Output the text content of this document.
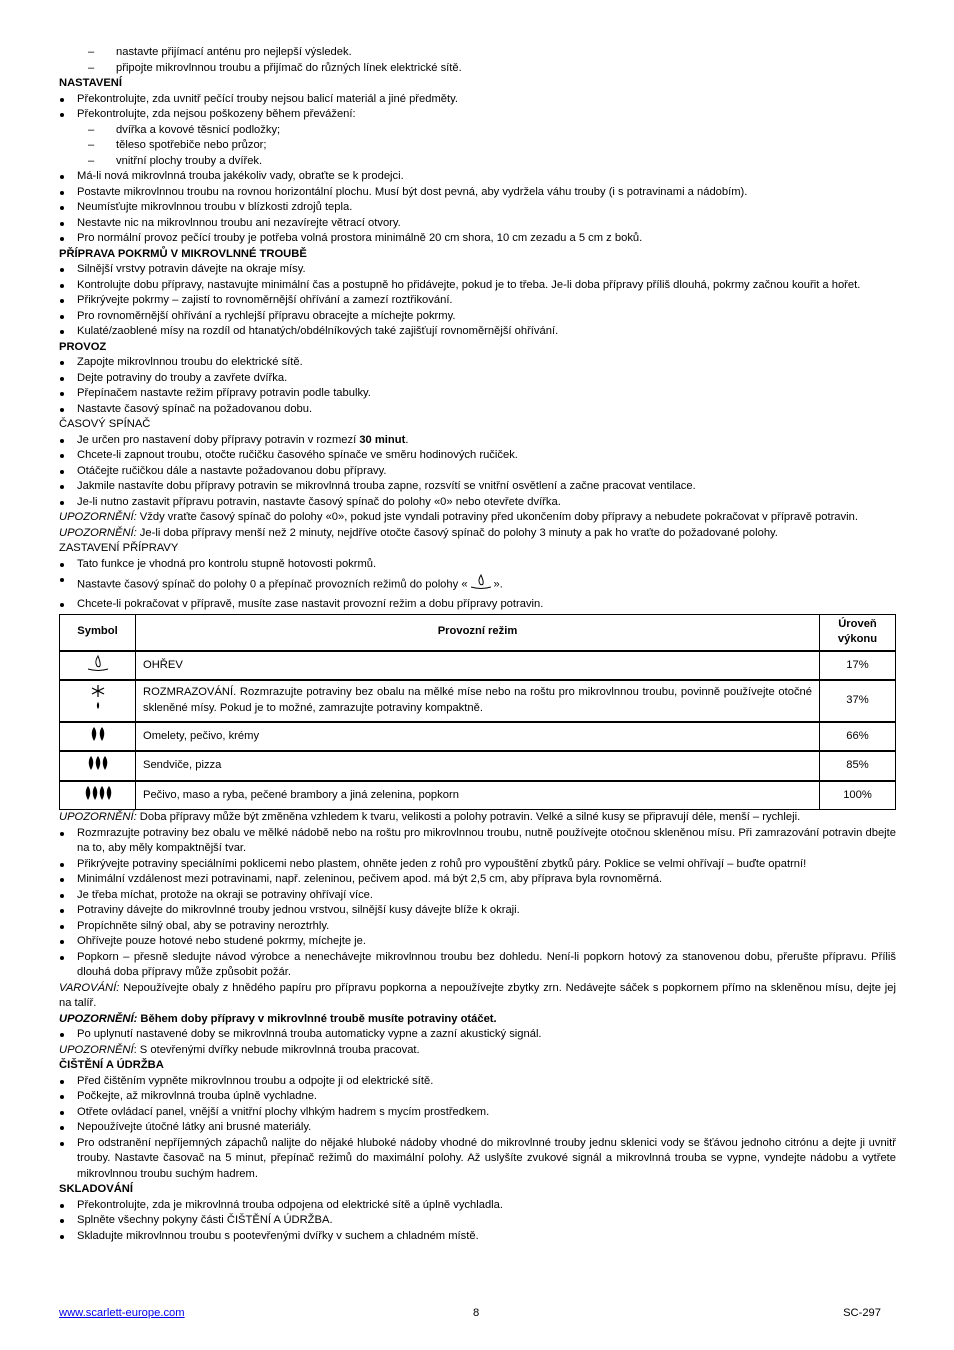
– nastavte přijímací anténu pro nejlepší výsledek.
– připojte mikrovlnnou troubu a přijímač do různých línek elektrické sítě.
NASTAVENÍ
Překontrolujte, zda uvnitř pečící trouby nejsou balicí materiál a jiné předměty.
Překontrolujte, zda nejsou poškozeny během převážení:
– dvířka a kovové těsnicí podložky;
– těleso spotřebiče nebo průzor;
– vnitřní plochy trouby a dvířek.
Má-li nová mikrovlnná trouba jakékoliv vady, obraťte se k prodejci.
Postavte mikrovlnnou troubu na rovnou horizontální plochu. Musí být dost pevná, aby vydržela váhu trouby (i s potravinami a nádobím).
Neumísťujte mikrovlnnou troubu v blízkosti zdrojů tepla.
Nestavte nic na mikrovlnnou troubu ani nezavírejte větrací otvory.
Pro normální provoz pečící trouby je potřeba volná prostora minimálně 20 cm shora, 10 cm zezadu a 5 cm z boků.
PŘÍPRAVA POKRMŮ V MIKROVLNNÉ TROUBĚ
Silnější vrstvy potravin dávejte na okraje mísy.
Kontrolujte dobu přípravy, nastavujte minimální čas a postupně ho přidávejte, pokud je to třeba. Je-li doba přípravy příliš dlouhá, pokrmy začnou kouřit a hořet.
Přikrývejte pokrmy – zajistí to rovnoměrnější ohřívání a zamezí roztřikování.
Pro rovnoměrnější ohřívání a rychlejší přípravu obracejte a míchejte pokrmy.
Kulaté/zaoblené mísy na rozdíl od htanatých/obdélníkových také zajišťují rovnoměrnější ohřívání.
PROVOZ
Zapojte mikrovlnnou troubu do elektrické sítě.
Dejte potraviny do trouby a zavřete dvířka.
Přepínačem nastavte režim přípravy potravin podle tabulky.
Nastavte časový spínač na požadovanou dobu.
ČASOVÝ SPÍNAČ
Je určen pro nastavení doby přípravy potravin v rozmezí 30 minut.
Chcete-li zapnout troubu, otočte ručičku časového spínače ve směru hodinových ručiček.
Otáčejte ručičkou dále a nastavte požadovanou dobu přípravy.
Jakmile nastavíte dobu přípravy potravin se mikrovlnná trouba zapne, rozsvítí se vnitřní osvětlení a začne pracovat ventilace.
Je-li nutno zastavit přípravu potravin, nastavte časový spínač do polohy «0» nebo otevřete dvířka.
UPOZORNĚNÍ: Vždy vraťte časový spínač do polohy «0», pokud jste vyndali potraviny před ukončením doby přípravy a nebudete pokračovat v přípravě potravin.
UPOZORNĚNÍ: Je-li doba přípravy menší než 2 minuty, nejdříve otočte časový spínač do polohy 3 minuty a pak ho vraťte do požadované polohy.
ZASTAVENÍ PŘÍPRAVY
Tato funkce je vhodná pro kontrolu stupně hotovosti pokrmů.
Nastavte časový spínač do polohy 0 a přepínač provozních režimů do polohy « ».
Chcete-li pokračovat v přípravě, musíte zase nastavit provozní režim a dobu přípravy potravin.
Symbol	Provozní režim	Úroveň výkonu
	OHŘEV	17%
	ROZMRAZOVÁNÍ. Rozmrazujte potraviny bez obalu na mělké míse nebo na roštu pro mikrovlnnou troubu, povinně používejte otočné skleněné mísy. Pokud je to možné, zamrazujte potraviny kompaktně.	37%
	Omelety, pečivo, krémy	66%
	Sendviče, pizza	85%
	Pečivo, maso a ryba, pečené brambory a jiná zelenina, popkorn	100%
UPOZORNĚNÍ: Doba přípravy může být změněna vzhledem k tvaru, velikosti a polohy potravin. Velké a silné kusy se připravují déle, menší – rychleji.
Rozmrazujte potraviny bez obalu ve mělké nádobě nebo na roštu pro mikrovlnnou troubu, nutně používejte otočnou skleněnou mísu. Při zamrazování potravin dbejte na to, aby měly kompaktnější tvar.
Přikrývejte potraviny speciálními poklicemi nebo plastem, ohněte jeden z rohů pro vypouštění zbytků páry. Poklice se velmi ohřívají – buďte opatrní!
Minimální vzdálenost mezi potravinami, např. zeleninou, pečivem apod. má být 2,5 cm, aby příprava byla rovnoměrná.
Je třeba míchat, protože na okraji se potraviny ohřívají více.
Potraviny dávejte do mikrovlnné trouby jednou vrstvou, silnější kusy dávejte blíže k okraji.
Propíchněte silný obal, aby se potraviny neroztrhly.
Ohřívejte pouze hotové nebo studené pokrmy, míchejte je.
Popkorn – přesně sledujte návod výrobce a nenechávejte mikrovlnnou troubu bez dohledu. Není-li popkorn hotový za stanovenou dobu, přerušte přípravu. Příliš dlouhá doba přípravy může způsobit požár.
VAROVÁNÍ: Nepoužívejte obaly z hnědého papíru pro přípravu popkorna a nepoužívejte zbytky zrn. Nedávejte sáček s popkornem přímo na skleněnou mísu, dejte jej na talíř.
UPOZORNĚNÍ: Během doby přípravy v mikrovlnné troubě musíte potraviny otáčet.
Po uplynutí nastavené doby se mikrovlnná trouba automaticky vypne a zazní akustický signál.
UPOZORNĚNÍ: S otevřenými dvířky nebude mikrovlnná trouba pracovat.
ČIŠTĚNÍ A ÚDRŽBA
Před čištěním vypněte mikrovlnnou troubu a odpojte ji od elektrické sítě.
Počkejte, až mikrovlnná trouba úplně vychladne.
Otřete ovládací panel, vnější a vnitřní plochy vlhkým hadrem s mycím prostředkem.
Nepoužívejte útočné látky ani brusné materiály.
Pro odstranění nepříjemných zápachů nalijte do nějaké hluboké nádoby vhodné do mikrovlnné trouby jednu sklenici vody se šťávou jednoho citrónu a dejte ji uvnitř trouby. Nastavte časovač na 5 minut, přepínač režimů do maximální polohy. Až uslyšíte zvukové signál a mikrovlnná trouba se vypne, vyndejte nádobu a vytřete mikrovlnnou troubu suchým hadrem.
SKLADOVÁNÍ
Překontrolujte, zda je mikrovlnná trouba odpojena od elektrické sítě a úplně vychladla.
Splněte všechny pokyny části ČIŠTĚNÍ A ÚDRŽBA.
Skladujte mikrovlnnou troubu s pootevřenými dvířky v suchem a chladném místě.
www.scarlett-europe.com	8	SC-297
